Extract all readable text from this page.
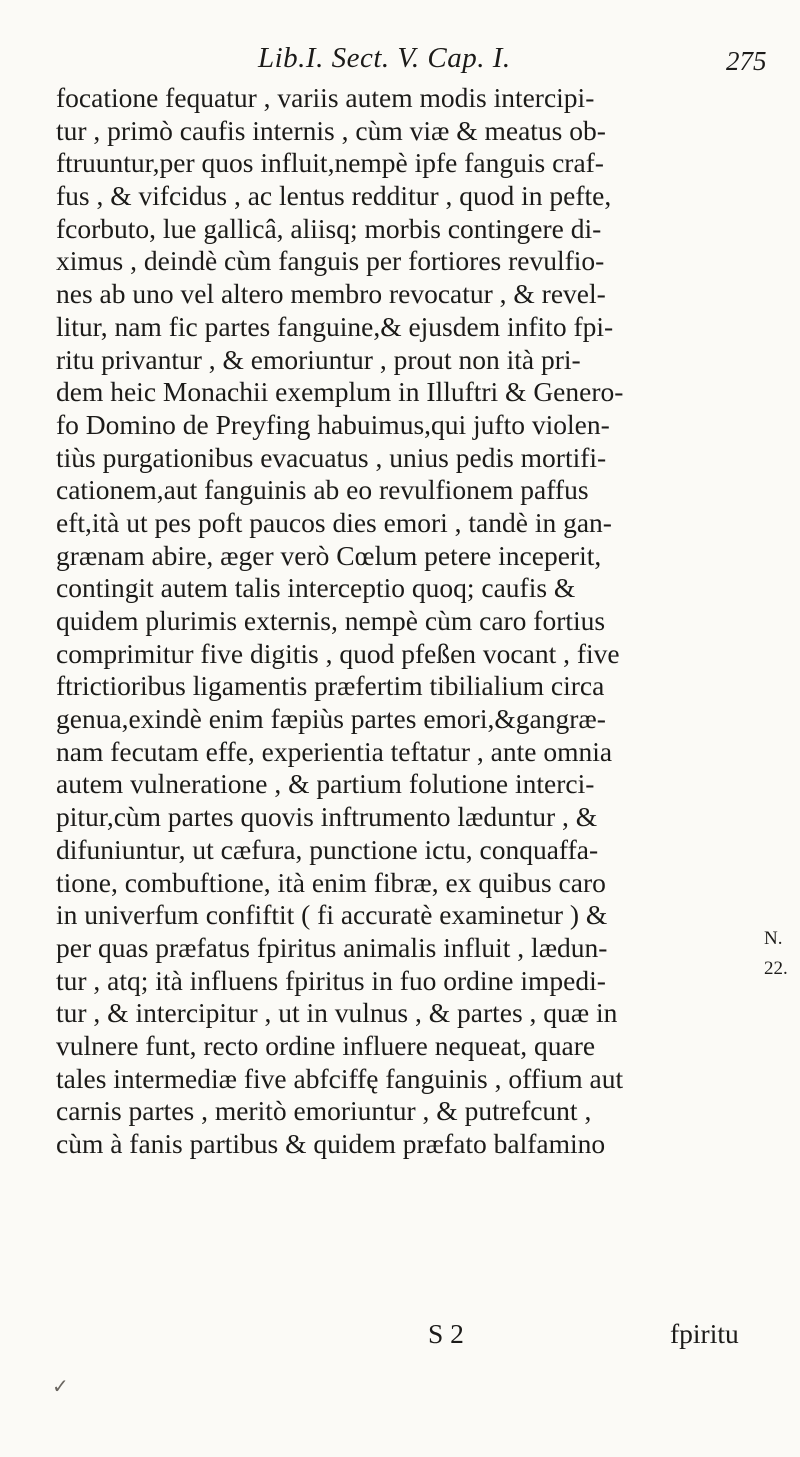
Lib.I. Sect. V. Cap. I.	275
focatione fequatur , variis autem modis intercipi-
tur , primò caufis internis , cùm viæ & meatus ob-
ftruuntur,per quos influit,nempè ipfe fanguis craf-
fus , & vifcidus , ac lentus redditur , quod in pefte,
fcorbuto, lue gallicâ, aliisq; morbis contingere di-
ximus , deindè cùm fanguis per fortiores revulfio-
nes ab uno vel altero membro revocatur , & revel-
litur, nam fic partes fanguine,& ejusdem infito fpi-
ritu privantur , & emoriuntur , prout non ità pri-
dem heic Monachii exemplum in Illuftri & Genero-
fo Domino de Preyfing habuimus,qui jufto violen-
tiùs purgationibus evacuatus , unius pedis mortifi-
cationem,aut fanguinis ab eo revulfionem paffus
eft,ità ut pes poft paucos dies emori , tandè in gan-
grænam abire, æger verò Cœlum petere inceperit,
contingit autem talis interceptio quoq; caufis &
quidem plurimis externis, nempè cùm caro fortius
comprimitur five digitis , quod pfeßen vocant , five
ftrictioribus ligamentis præfertim tibilialium circa
genua,exindè enim fæpiùs partes emori,&gangræ-
nam fecutam effe, experientia teftatur , ante omnia
autem vulneratione , & partium folutione interci-
pitur,cùm partes quovis inftrumento læduntur , &
difuniuntur, ut cæfura, punctione ictu, conquaffa-
tione, combuftione, ità enim fibræ, ex quibus caro
in univerfum confiftit ( fi accuratè examinetur ) &
per quas præfatus fpiritus animalis influit , lædun-
tur , atq; ità influens fpiritus in fuo ordine impedi-
tur , & intercipitur , ut in vulnus , & partes , quæ in
vulnere funt, recto ordine influere nequeat, quare
tales intermediæ five abfciffę fanguinis , offium aut
carnis partes , meritò emoriuntur , & putrefcunt ,
cùm à fanis partibus & quidem præfato balfamino
N.
22.
S 2	fpiritu
✓
